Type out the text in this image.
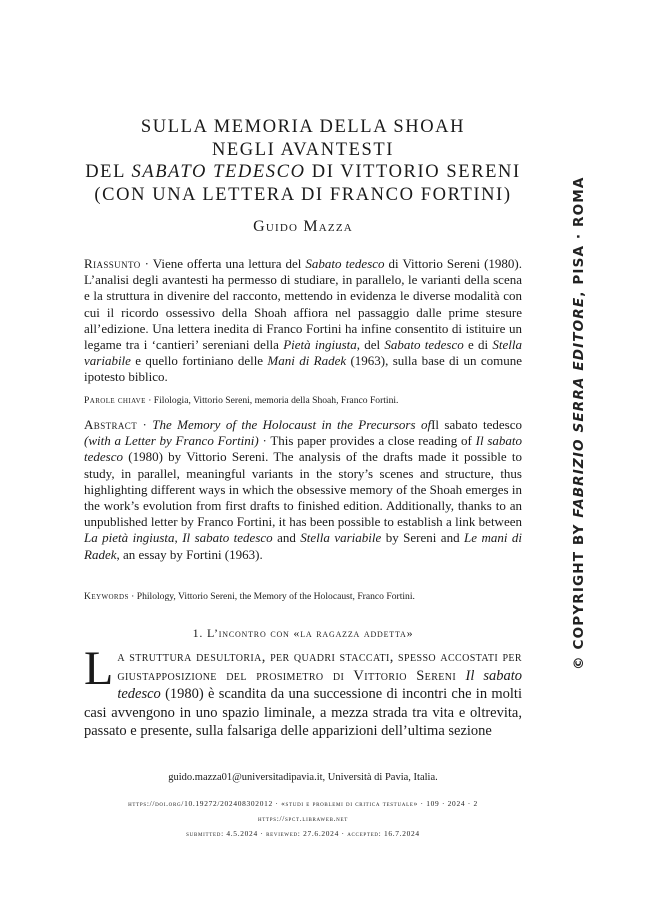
SULLA MEMORIA DELLA SHOAH
NEGLI AVANTESTI
DEL SABATO TEDESCO DI VITTORIO SERENI
(CON UNA LETTERA DI FRANCO FORTINI)
Guido Mazza
Riassunto · Viene offerta una lettura del Sabato tedesco di Vittorio Sereni (1980). L’analisi degli avantesti ha permesso di studiare, in parallelo, le varianti della scena e la struttura in divenire del racconto, mettendo in evidenza le diverse modalità con cui il ricordo ossessivo della Shoah affiora nel passaggio dalle prime stesure all’edizione. Una lettera inedita di Franco Fortini ha infine consentito di istituire un legame tra i ‘cantieri’ sereniani della Pietà ingiusta, del Sabato tedesco e di Stella variabile e quello fortiniano delle Mani di Radek (1963), sulla base di un comune ipotesto biblico.
Parole chiave · Filologia, Vittorio Sereni, memoria della Shoah, Franco Fortini.
Abstract · The Memory of the Holocaust in the Precursors ofIl sabato tedesco (with a Letter by Franco Fortini) · This paper provides a close reading of Il sabato tedesco (1980) by Vittorio Sereni. The analysis of the drafts made it possible to study, in parallel, meaningful variants in the story’s scenes and structure, thus highlighting different ways in which the obsessive memory of the Shoah emerges in the work’s evolution from first drafts to finished edition. Additionally, thanks to an unpublished letter by Franco Fortini, it has been possible to establish a link between La pietà ingiusta, Il sabato tedesco and Stella variabile by Sereni and Le mani di Radek, an essay by Fortini (1963).
Keywords · Philology, Vittorio Sereni, the Memory of the Holocaust, Franco Fortini.
1. L’incontro con «la ragazza addetta»
La struttura desultoria, per quadri staccati, spesso accostati per giustapposizione del prosimetro di Vittorio Sereni Il sabato tedesco (1980) è scandita da una successione di incontri che in molti casi avvengono in uno spazio liminale, a mezza strada tra vita e oltrevita, passato e presente, sulla falsariga delle apparizioni dell’ultima sezione
guido.mazza01@universitadipavia.it, Università di Pavia, Italia.
https://doi.org/10.19272/202408302012 · «studi e problemi di critica testuale» · 109 · 2024 · 2
https://spct.libraweb.net
submitted: 4.5.2024 · reviewed: 27.6.2024 · accepted: 16.7.2024
© COPYRIGHT BY FABRIZIO SERRA EDITORE, PISA · ROMA
